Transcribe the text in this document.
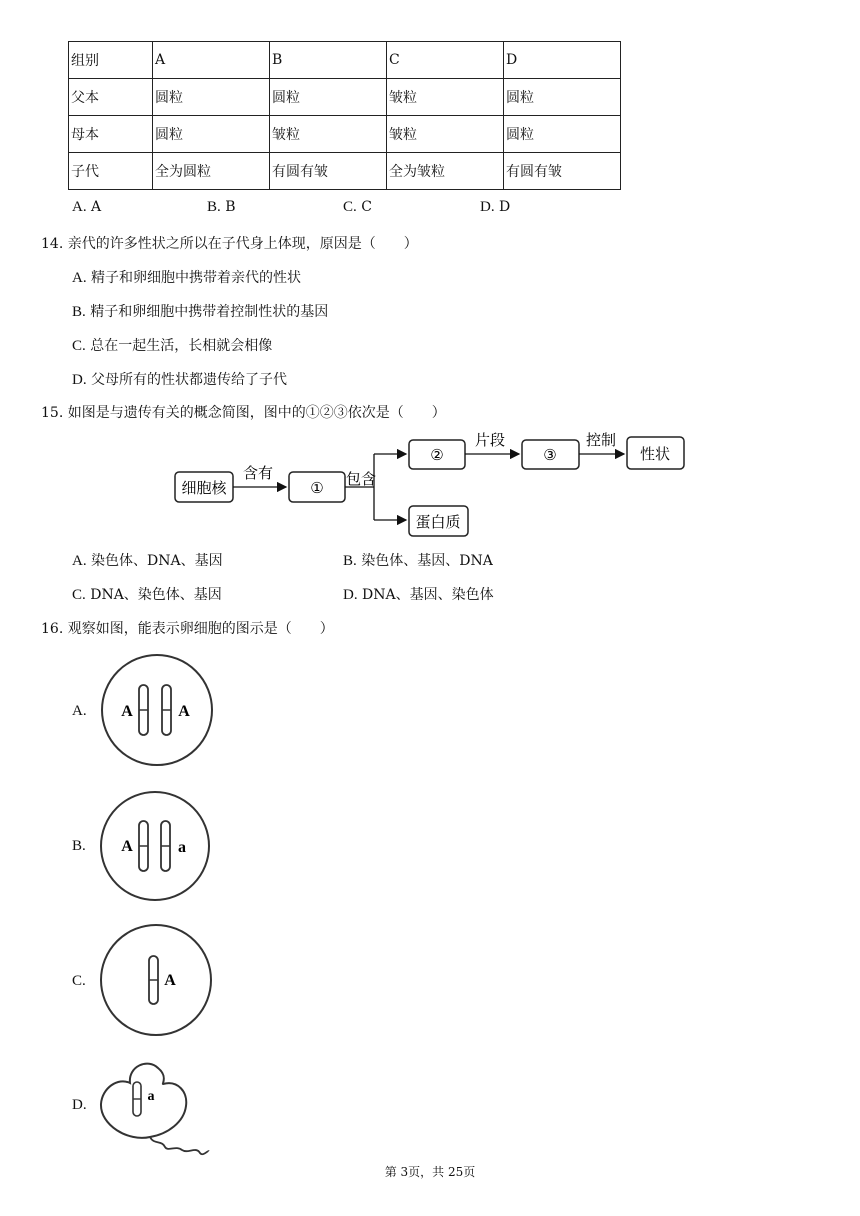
组别	A	B	C	D
父本	圆粒	圆粒	皱粒	圆粒
母本	圆粒	皱粒	皱粒	圆粒
子代	全为圆粒	有圆有皱	全为皱粒	有圆有皱
A. A	B. B	C. C	D. D
14. 亲代的许多性状之所以在子代身上体现，原因是（　　）
A. 精子和卵细胞中携带着亲代的性状
B. 精子和卵细胞中携带着控制性状的基因
C. 总在一起生活，长相就会相像
D. 父母所有的性状都遗传给了子代
15. 如图是与遗传有关的概念简图，图中的①②③依次是（　　）
细胞核
含有
① 包含
②
片段
③
控制
性状
蛋白质
A. 染色体、DNA、基因	B. 染色体、基因、DNA
C. DNA、染色体、基因	D. DNA、基因、染色体
16. 观察如图，能表示卵细胞的图示是（　　）
A.
B.
C.
D.
A	A
A	a
A
a
第 3页，共 25页
